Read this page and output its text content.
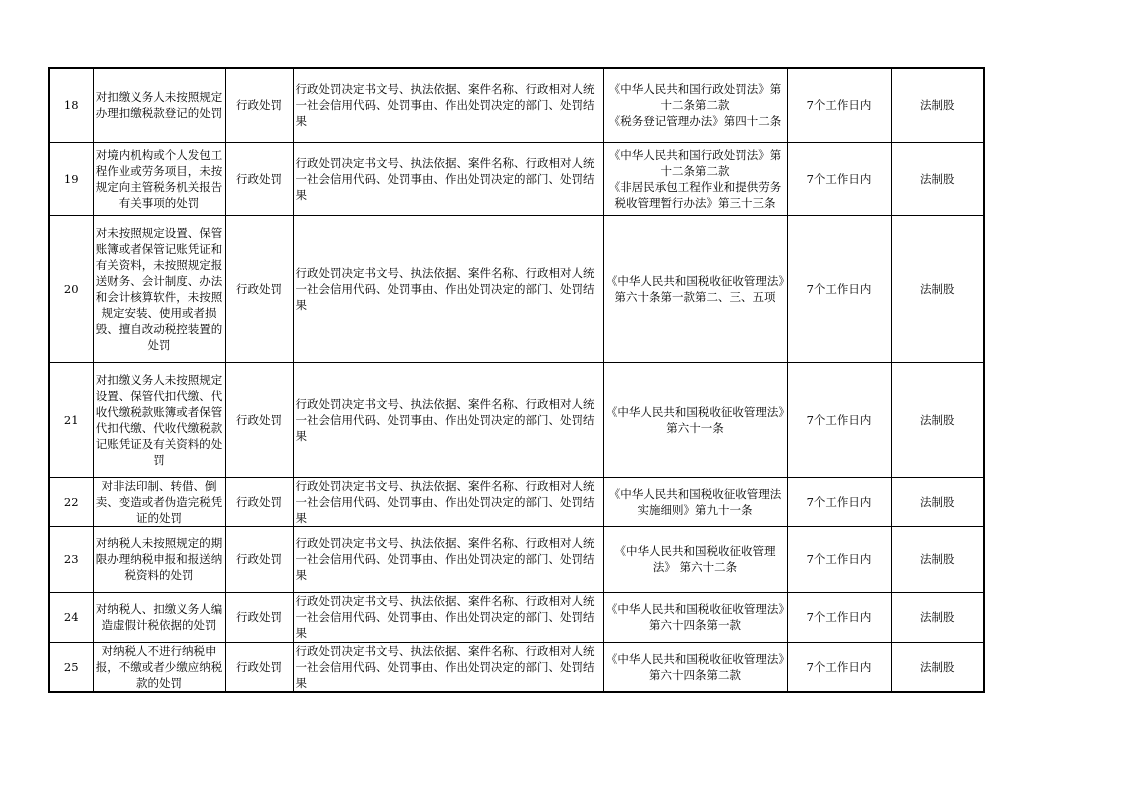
18	对扣缴义务人未按照规定办理扣缴税款登记的处罚	行政处罚	行政处罚决定书文号、执法依据、案件名称、行政相对人统一社会信用代码、处罚事由、作出处罚决定的部门、处罚结果	《中华人民共和国行政处罚法》第十二条第二款
《税务登记管理办法》第四十二条	7个工作日内	法制股
19	对境内机构或个人发包工程作业或劳务项目，未按规定向主管税务机关报告有关事项的处罚	行政处罚	行政处罚决定书文号、执法依据、案件名称、行政相对人统一社会信用代码、处罚事由、作出处罚决定的部门、处罚结果	《中华人民共和国行政处罚法》第十二条第二款
《非居民承包工程作业和提供劳务税收管理暂行办法》第三十三条	7个工作日内	法制股
20	对未按照规定设置、保管账簿或者保管记账凭证和有关资料，未按照规定报送财务、会计制度、办法和会计核算软件，未按照规定安装、使用或者损毁、擅自改动税控装置的处罚	行政处罚	行政处罚决定书文号、执法依据、案件名称、行政相对人统一社会信用代码、处罚事由、作出处罚决定的部门、处罚结果	《中华人民共和国税收征收管理法》第六十条第一款第二、三、五项	7个工作日内	法制股
21	对扣缴义务人未按照规定设置、保管代扣代缴、代收代缴税款账簿或者保管代扣代缴、代收代缴税款记账凭证及有关资料的处罚	行政处罚	行政处罚决定书文号、执法依据、案件名称、行政相对人统一社会信用代码、处罚事由、作出处罚决定的部门、处罚结果	《中华人民共和国税收征收管理法》第六十一条	7个工作日内	法制股
22	对非法印制、转借、倒卖、变造或者伪造完税凭证的处罚	行政处罚	行政处罚决定书文号、执法依据、案件名称、行政相对人统一社会信用代码、处罚事由、作出处罚决定的部门、处罚结果	《中华人民共和国税收征收管理法实施细则》第九十一条	7个工作日内	法制股
23	对纳税人未按照规定的期限办理纳税申报和报送纳税资料的处罚	行政处罚	行政处罚决定书文号、执法依据、案件名称、行政相对人统一社会信用代码、处罚事由、作出处罚决定的部门、处罚结果	《中华人民共和国税收征收管理法》 第六十二条	7个工作日内	法制股
24	对纳税人、扣缴义务人编造虚假计税依据的处罚	行政处罚	行政处罚决定书文号、执法依据、案件名称、行政相对人统一社会信用代码、处罚事由、作出处罚决定的部门、处罚结果	《中华人民共和国税收征收管理法》第六十四条第一款	7个工作日内	法制股
25	对纳税人不进行纳税申报，不缴或者少缴应纳税款的处罚	行政处罚	行政处罚决定书文号、执法依据、案件名称、行政相对人统一社会信用代码、处罚事由、作出处罚决定的部门、处罚结果	《中华人民共和国税收征收管理法》第六十四条第二款	7个工作日内	法制股
